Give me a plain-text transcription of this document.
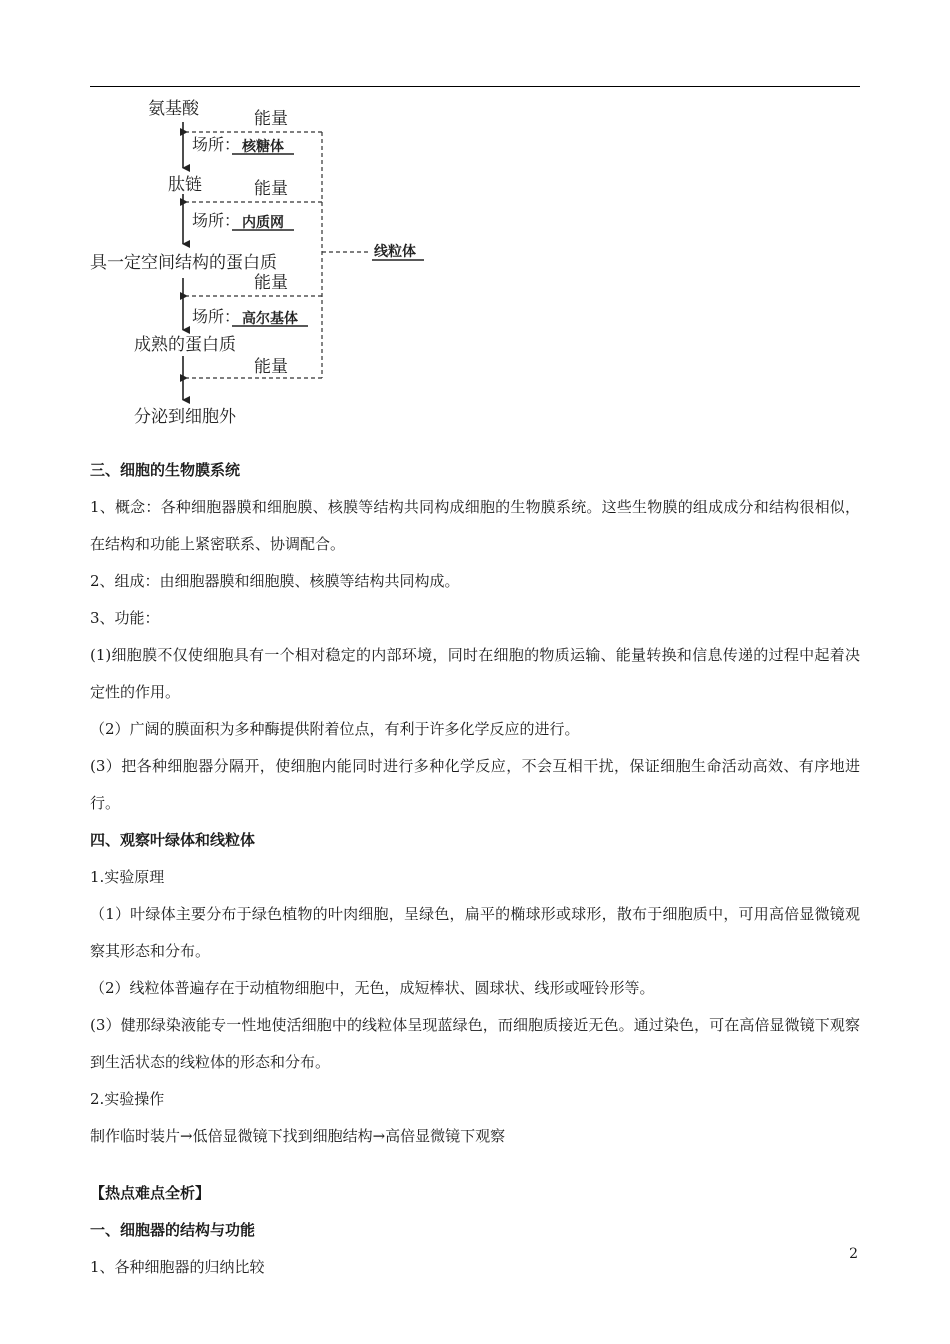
氨基酸
肽链
具一定空间结构的蛋白质
成熟的蛋白质
分泌到细胞外
能量
能量
能量
能量
场所： 核糖体
场所： 内质网
场所： 高尔基体
线粒体

三、细胞的生物膜系统

1、概念：各种细胞器膜和细胞膜、核膜等结构共同构成细胞的生物膜系统。这些生物膜的组成成分和结构很相似，在结构和功能上紧密联系、协调配合。

2、组成：由细胞器膜和细胞膜、核膜等结构共同构成。

3、功能：

(1)细胞膜不仅使细胞具有一个相对稳定的内部环境，同时在细胞的物质运输、能量转换和信息传递的过程中起着决定性的作用。

（2）广阔的膜面积为多种酶提供附着位点，有利于许多化学反应的进行。

(3）把各种细胞器分隔开，使细胞内能同时进行多种化学反应，不会互相干扰，保证细胞生命活动高效、有序地进行。

四、观察叶绿体和线粒体

1.实验原理

（1）叶绿体主要分布于绿色植物的叶肉细胞，呈绿色，扁平的椭球形或球形，散布于细胞质中，可用高倍显微镜观察其形态和分布。

（2）线粒体普遍存在于动植物细胞中，无色，成短棒状、圆球状、线形或哑铃形等。

(3）健那绿染液能专一性地使活细胞中的线粒体呈现蓝绿色，而细胞质接近无色。通过染色，可在高倍显微镜下观察到生活状态的线粒体的形态和分布。

2.实验操作

制作临时装片→低倍显微镜下找到细胞结构→高倍显微镜下观察

【热点难点全析】

一、细胞器的结构与功能

1、各种细胞器的归纳比较

2
